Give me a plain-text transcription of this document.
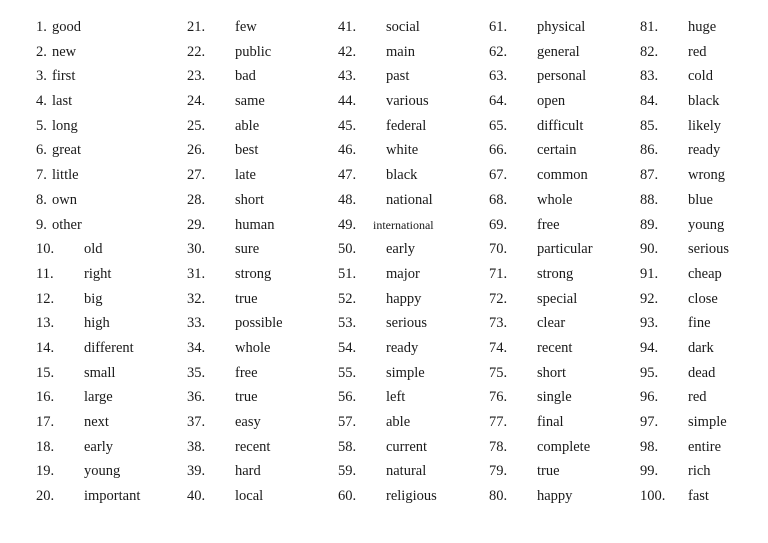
1. good
2. new
3. first
4. last
5. long
6. great
7. little
8. own
9. other
10. old
11. right
12. big
13. high
14. different
15. small
16. large
17. next
18. early
19. young
20. important
21. few
22. public
23. bad
24. same
25. able
26. best
27. late
28. short
29. human
30. sure
31. strong
32. true
33. possible
34. whole
35. free
36. true
37. easy
38. recent
39. hard
40. local
41. social
42. main
43. past
44. various
45. federal
46. white
47. black
48. national
49. international
50. early
51. major
52. happy
53. serious
54. ready
55. simple
56. left
57. able
58. current
59. natural
60. religious
61. physical
62. general
63. personal
64. open
65. difficult
66. certain
67. common
68. whole
69. free
70. particular
71. strong
72. special
73. clear
74. recent
75. short
76. single
77. final
78. complete
79. true
80. happy
81. huge
82. red
83. cold
84. black
85. likely
86. ready
87. wrong
88. blue
89. young
90. serious
91. cheap
92. close
93. fine
94. dark
95. dead
96. red
97. simple
98. entire
99. rich
100. fast
